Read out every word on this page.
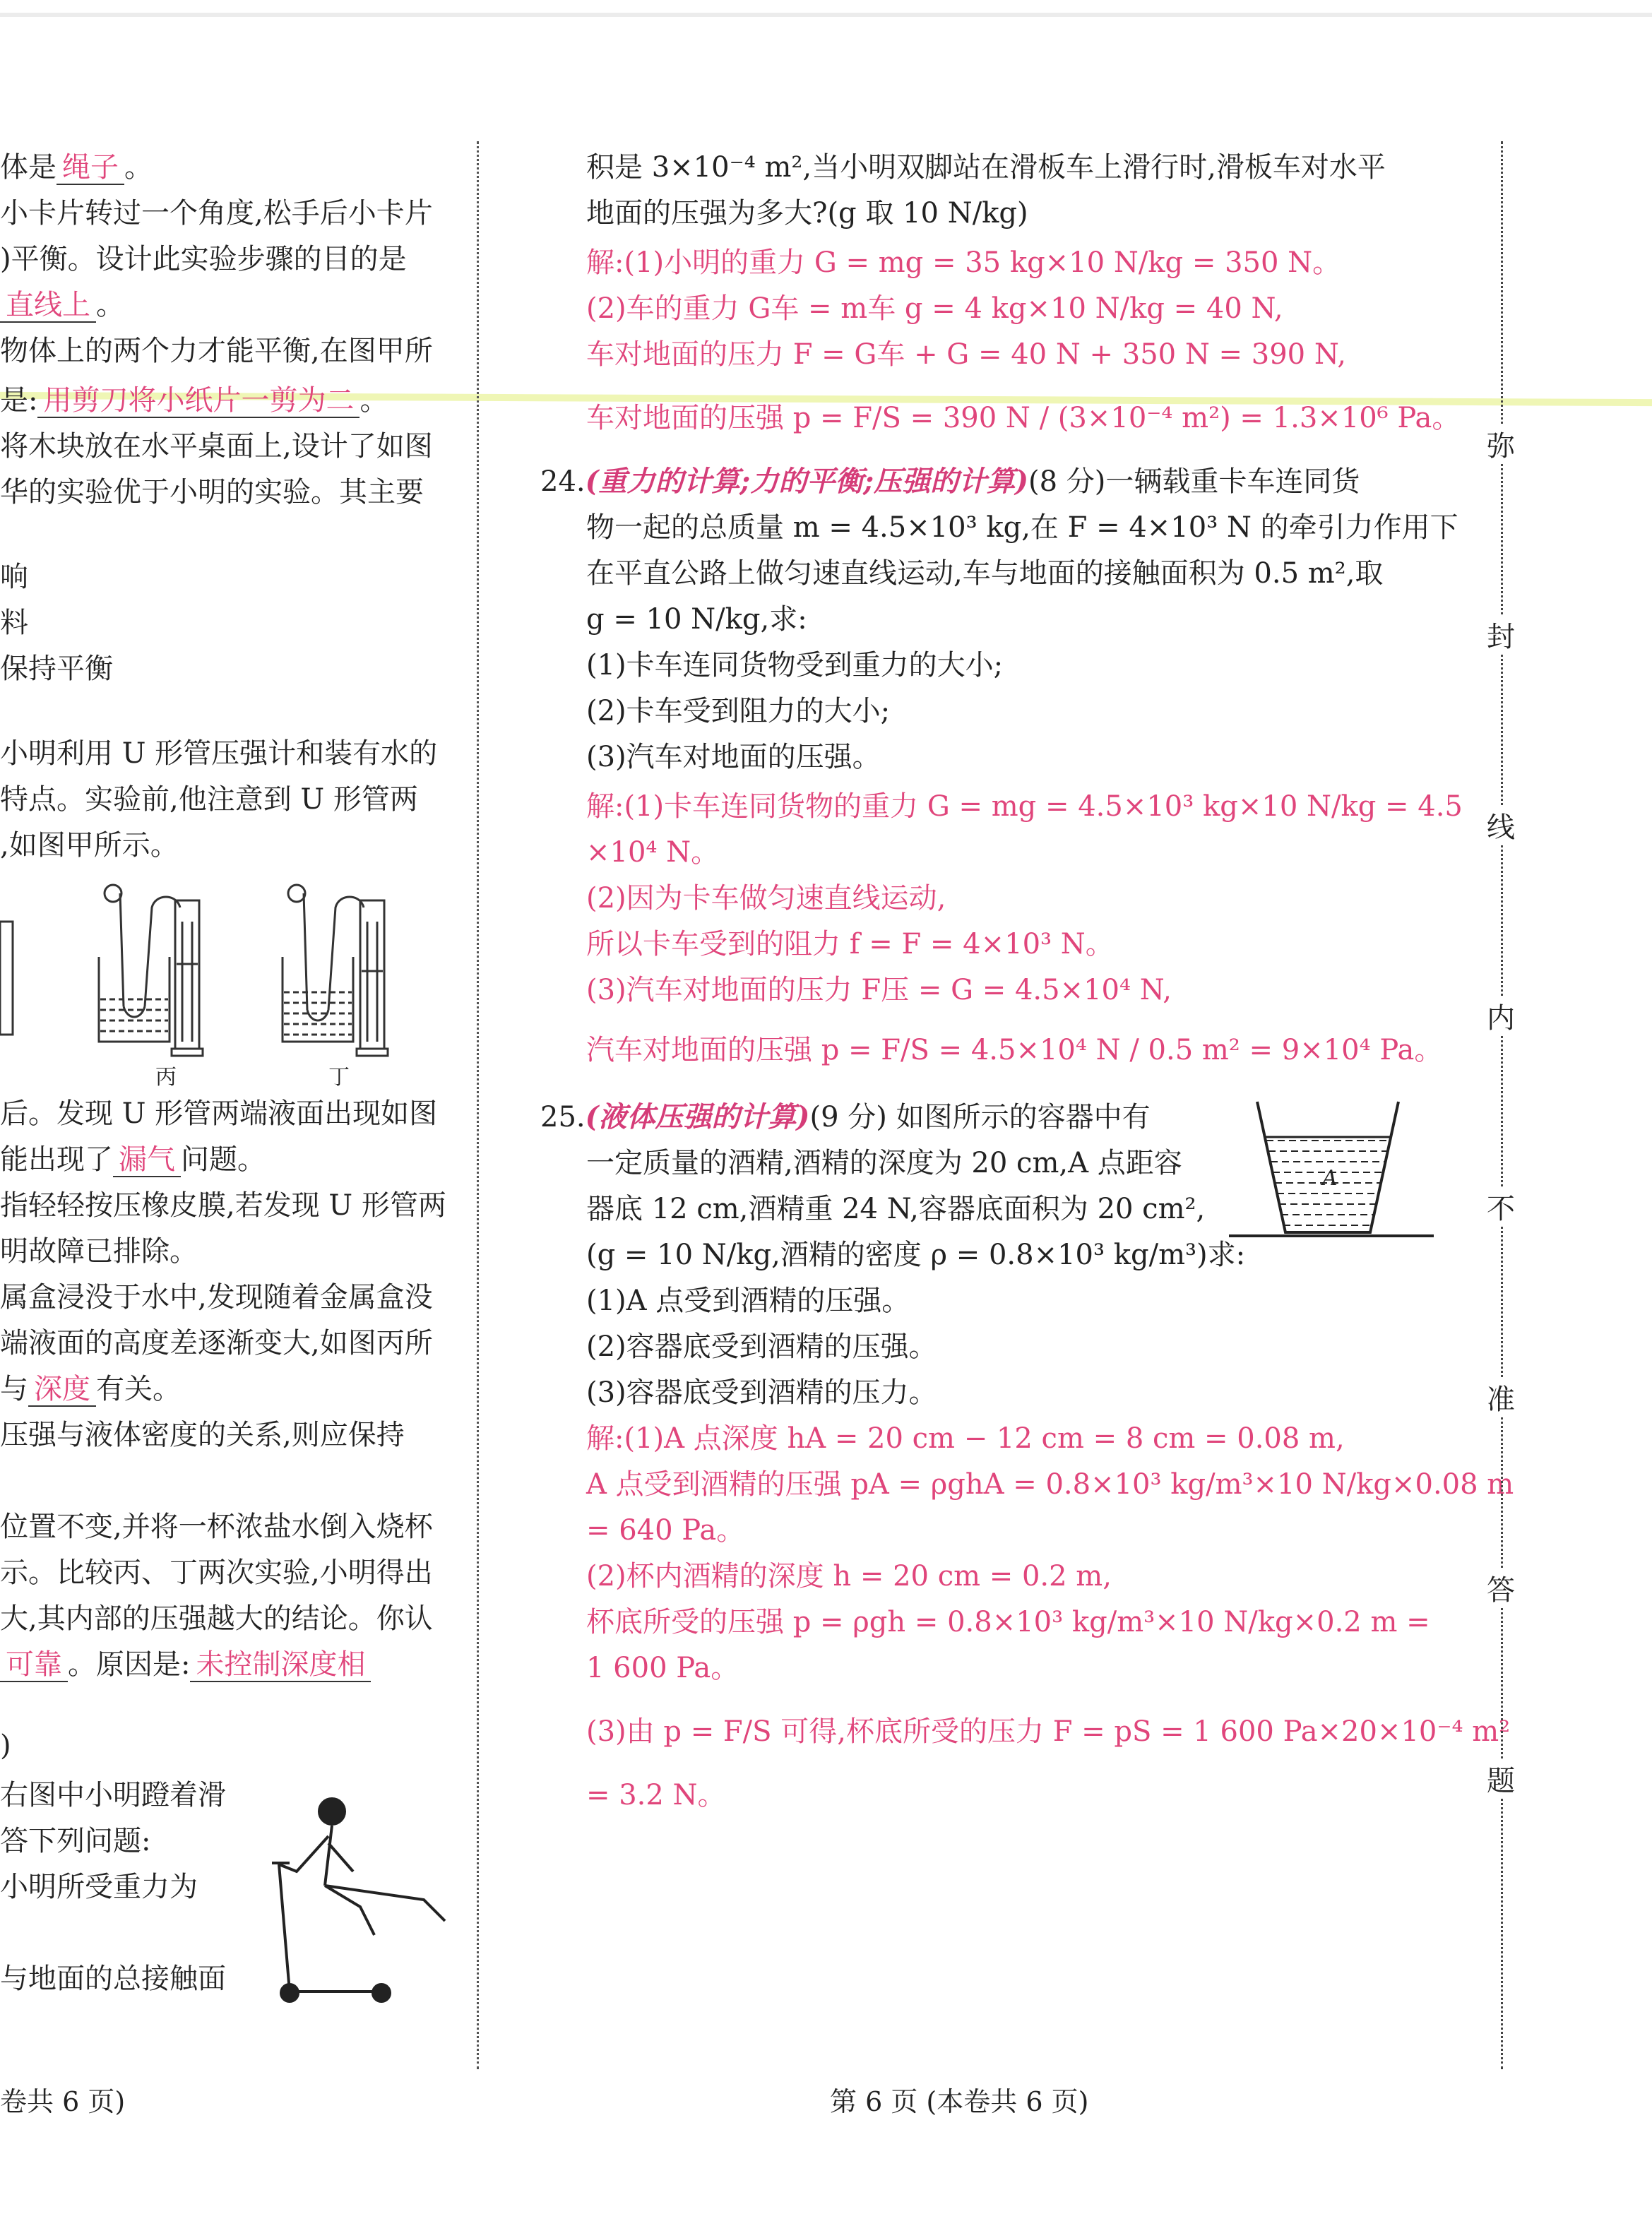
体是 绳子 。
小卡片转过一个角度,松手后小卡片
)平衡。设计此实验步骤的目的是
直线上 。
物体上的两个力才能平衡,在图甲所
是: 用剪刀将小纸片一剪为二 。
将木块放在水平桌面上,设计了如图
华的实验优于小明的实验。其主要
响
料
保持平衡
小明利用 U 形管压强计和装有水的
特点。实验前,他注意到 U 形管两
,如图甲所示。
后。发现 U 形管两端液面出现如图
能出现了 漏气 问题。
指轻轻按压橡皮膜,若发现 U 形管两
明故障已排除。
属盒浸没于水中,发现随着金属盒没
端液面的高度差逐渐变大,如图丙所
与 深度 有关。
压强与液体密度的关系,则应保持
位置不变,并将一杯浓盐水倒入烧杯
示。比较丙、丁两次实验,小明得出
大,其内部的压强越大的结论。你认
可靠 。原因是: 未控制深度相
)
右图中小明蹬着滑
答下列问题:
小明所受重力为
与地面的总接触面
丙	丁
积是 3×10⁻⁴ m²,当小明双脚站在滑板车上滑行时,滑板车对水平
地面的压强为多大?(g 取 10 N/kg)
解:(1)小明的重力 G = mg = 35 kg×10 N/kg = 350 N。
(2)车的重力 G车 = m车 g = 4 kg×10 N/kg = 40 N,
车对地面的压力 F = G车 + G = 40 N + 350 N = 390 N,
车对地面的压强 p = F/S = 390 N / (3×10⁻⁴ m²) = 1.3×10⁶ Pa。
24.(重力的计算;力的平衡;压强的计算)(8 分)一辆载重卡车连同货
物一起的总质量 m = 4.5×10³ kg,在 F = 4×10³ N 的牵引力作用下
在平直公路上做匀速直线运动,车与地面的接触面积为 0.5 m²,取
g = 10 N/kg,求:
(1)卡车连同货物受到重力的大小;
(2)卡车受到阻力的大小;
(3)汽车对地面的压强。
解:(1)卡车连同货物的重力 G = mg = 4.5×10³ kg×10 N/kg = 4.5
×10⁴ N。
(2)因为卡车做匀速直线运动,
所以卡车受到的阻力 f = F = 4×10³ N。
(3)汽车对地面的压力 F压 = G = 4.5×10⁴ N,
汽车对地面的压强 p = F/S = 4.5×10⁴ N / 0.5 m² = 9×10⁴ Pa。
25.(液体压强的计算)(9 分) 如图所示的容器中有
一定质量的酒精,酒精的深度为 20 cm,A 点距容
器底 12 cm,酒精重 24 N,容器底面积为 20 cm²,
(g = 10 N/kg,酒精的密度 ρ = 0.8×10³ kg/m³)求:
(1)A 点受到酒精的压强。
(2)容器底受到酒精的压强。
(3)容器底受到酒精的压力。
解:(1)A 点深度 hA = 20 cm − 12 cm = 8 cm = 0.08 m,
A 点受到酒精的压强 pA = ρghA = 0.8×10³ kg/m³×10 N/kg×0.08 m
= 640 Pa。
(2)杯内酒精的深度 h = 20 cm = 0.2 m,
杯底所受的压强 p = ρgh = 0.8×10³ kg/m³×10 N/kg×0.2 m =
1 600 Pa。
(3)由 p = F/S 可得,杯底所受的压力 F = pS = 1 600 Pa×20×10⁻⁴ m²
= 3.2 N。
A
弥
封
线
内
不
准
答
题
卷共 6 页)	第 6 页 (本卷共 6 页)
